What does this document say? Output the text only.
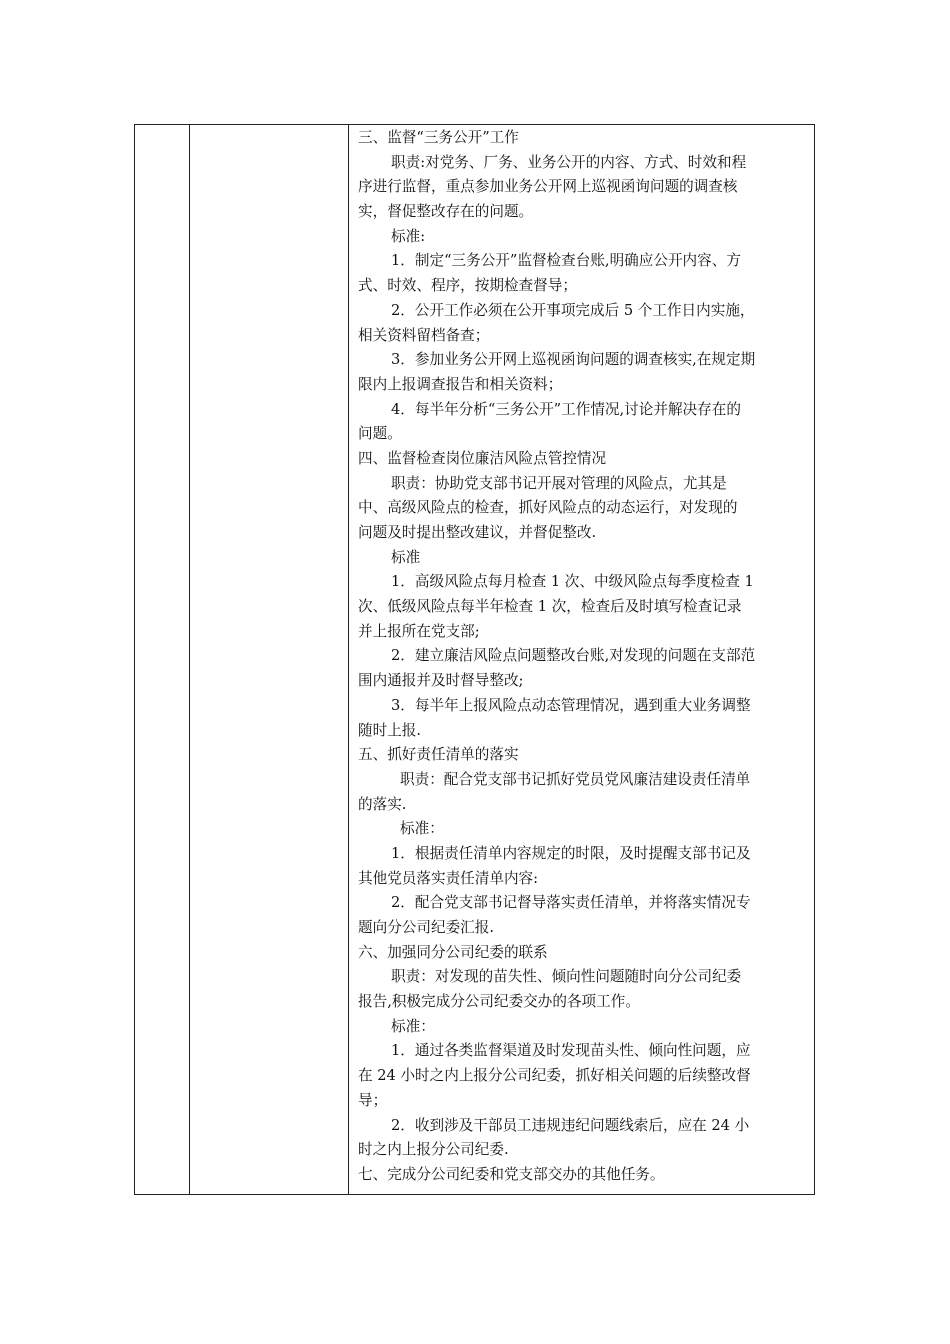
三、监督“三务公开”工作
职责:对党务、厂务、业务公开的内容、方式、时效和程
序进行监督，重点参加业务公开网上巡视函询问题的调查核
实，督促整改存在的问题。
标准:
1．制定“三务公开”监督检查台账,明确应公开内容、方
式、时效、程序，按期检查督导；
2．公开工作必须在公开事项完成后 5 个工作日内实施，
相关资料留档备查；
3．参加业务公开网上巡视函询问题的调查核实,在规定期
限内上报调查报告和相关资料；
4．每半年分析“三务公开”工作情况,讨论并解决存在的
问题。
四、监督检查岗位廉洁风险点管控情况
职责：协助党支部书记开展对管理的风险点，尤其是
中、高级风险点的检查，抓好风险点的动态运行，对发现的
问题及时提出整改建议，并督促整改.
标准
1．高级风险点每月检查 1 次、中级风险点每季度检查 1
次、低级风险点每半年检查 1 次，检查后及时填写检查记录
并上报所在党支部;
2．建立廉洁风险点问题整改台账,对发现的问题在支部范
围内通报并及时督导整改;
3．每半年上报风险点动态管理情况，遇到重大业务调整
随时上报.
五、抓好责任清单的落实
职责：配合党支部书记抓好党员党风廉洁建设责任清单
的落实.
标准：
1．根据责任清单内容规定的时限，及时提醒支部书记及
其他党员落实责任清单内容:
2．配合党支部书记督导落实责任清单，并将落实情况专
题向分公司纪委汇报.
六、加强同分公司纪委的联系
职责：对发现的苗失性、倾向性问题随时向分公司纪委
报告,积极完成分公司纪委交办的各项工作。
标准：
1．通过各类监督渠道及时发现苗头性、倾向性问题，应
在 24 小时之内上报分公司纪委，抓好相关问题的后续整改督
导；
2．收到涉及干部员工违规违纪问题线索后，应在 24 小
时之内上报分公司纪委.
七、完成分公司纪委和党支部交办的其他任务。
